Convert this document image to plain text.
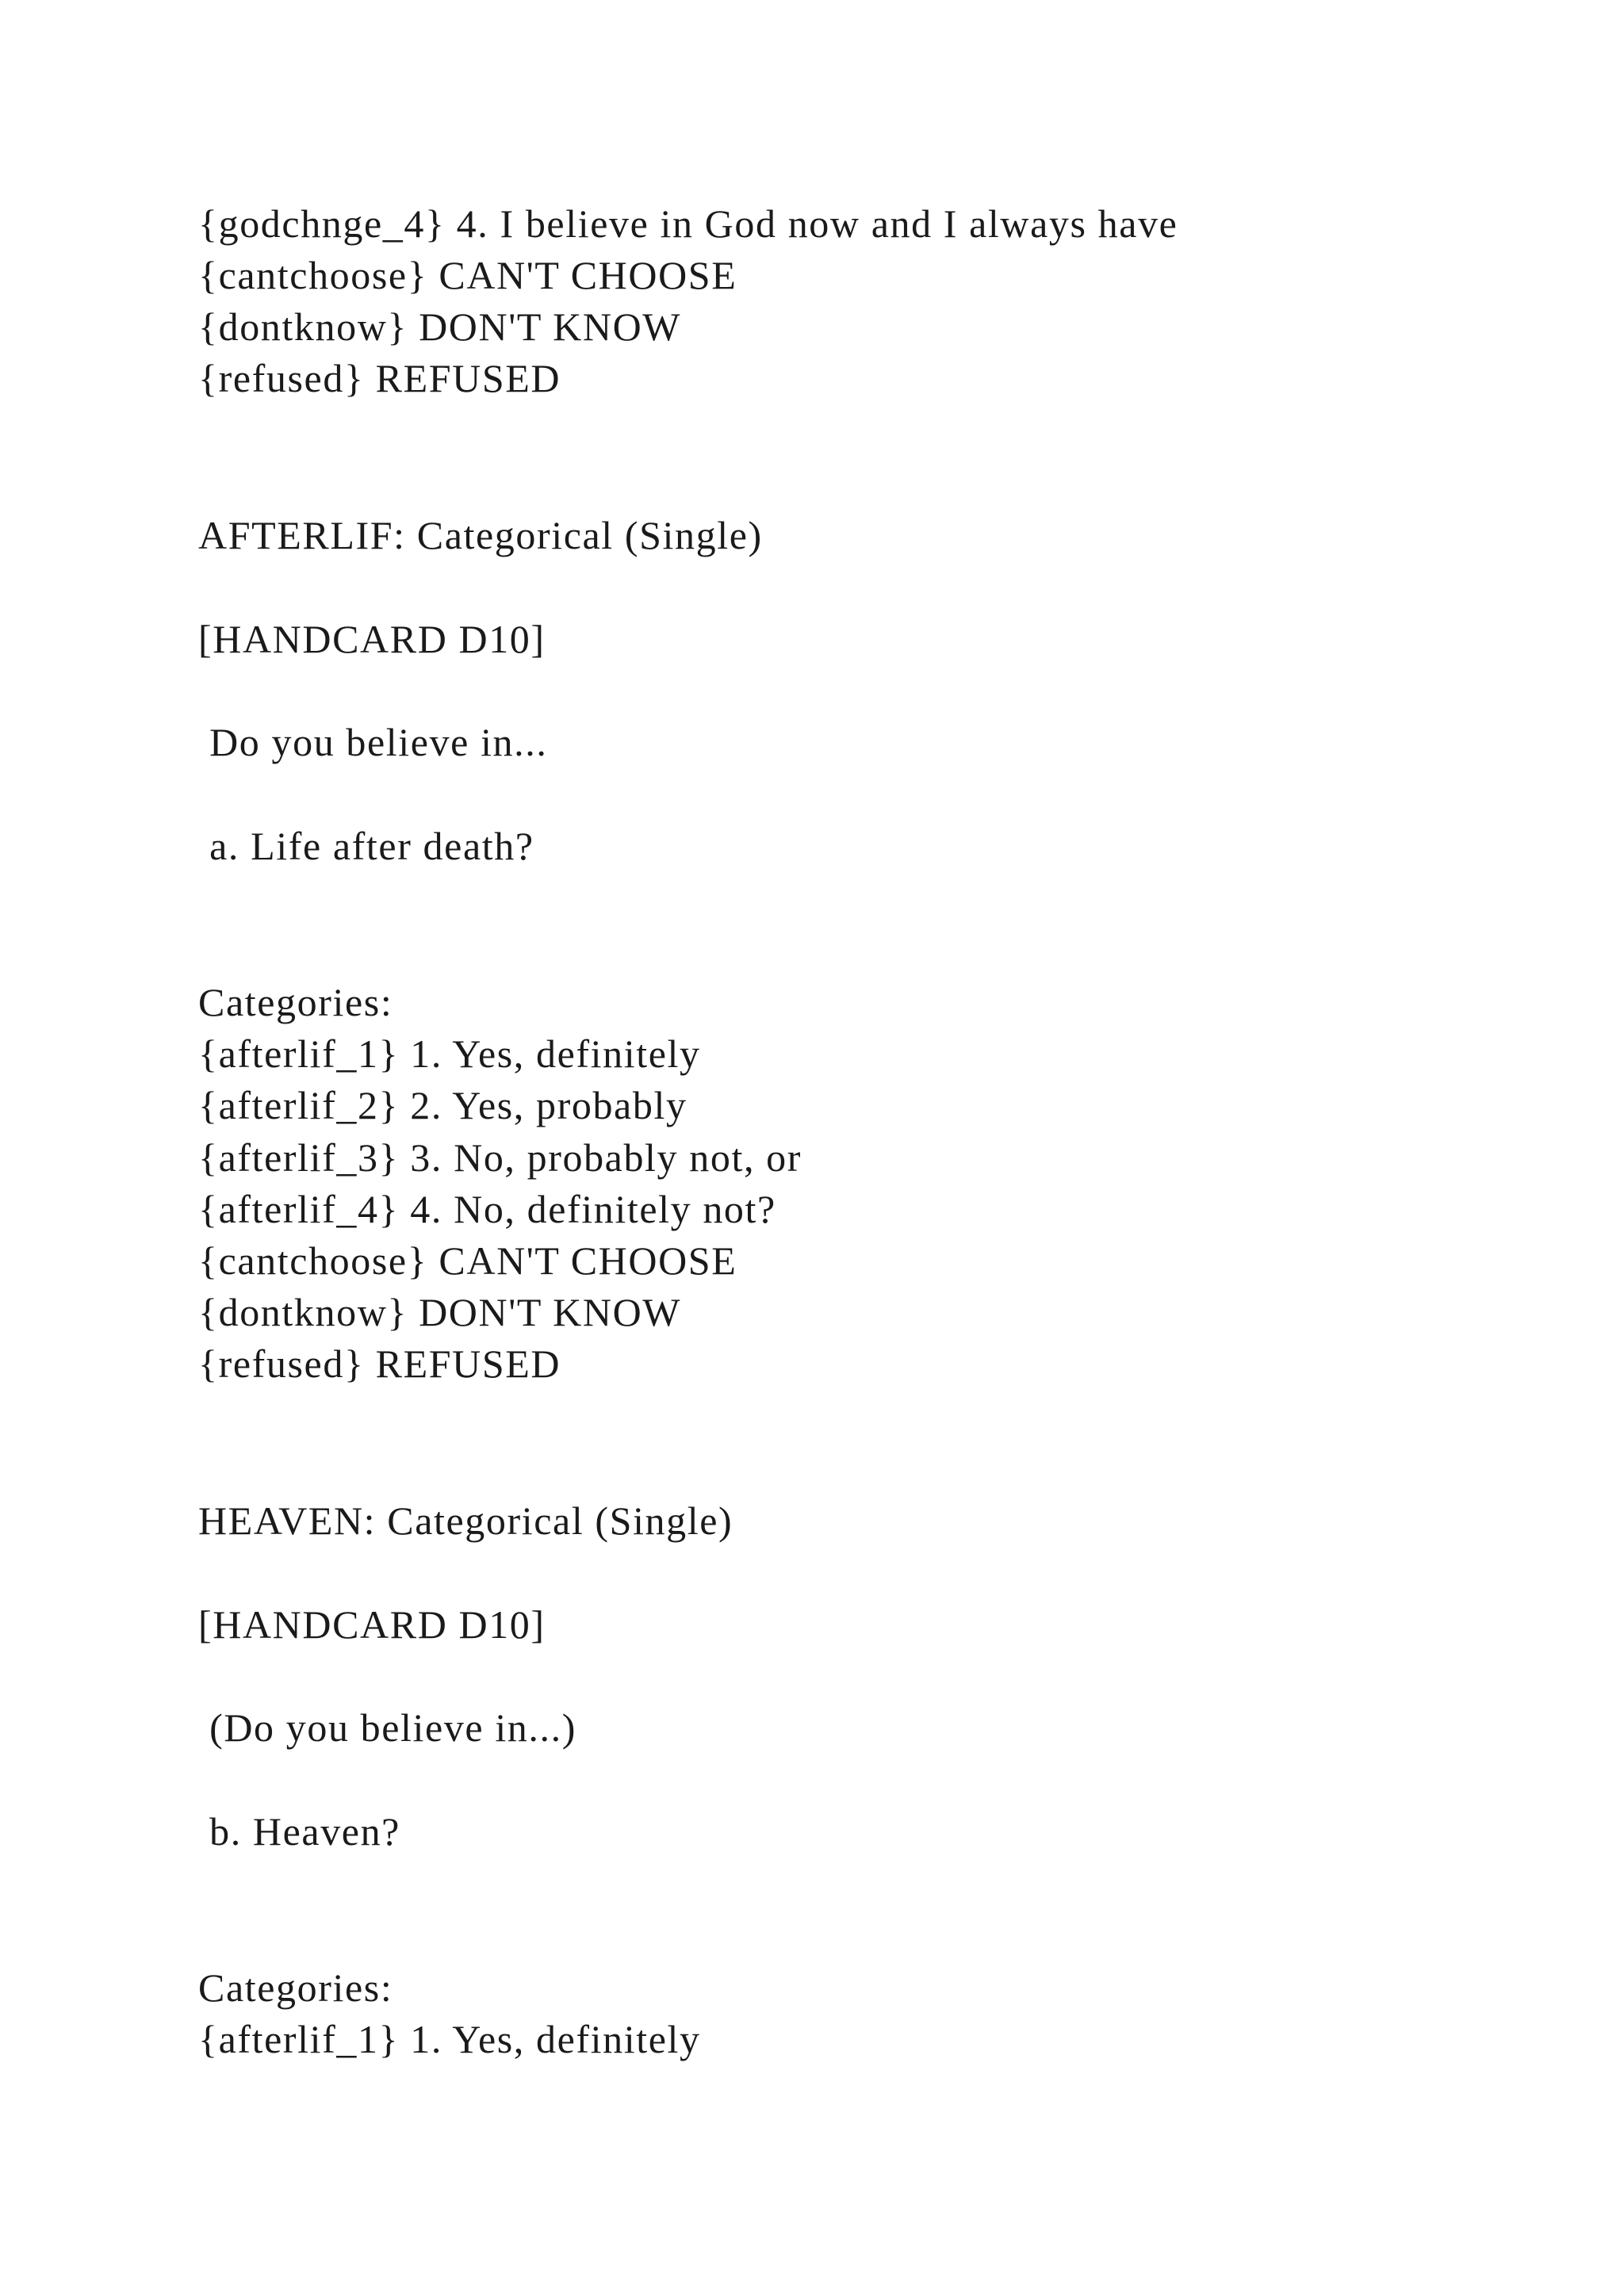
{godchnge_4} 4. I believe in God now and I always have
{cantchoose} CAN'T CHOOSE
{dontknow} DON'T KNOW
{refused} REFUSED
AFTERLIF: Categorical (Single)
[HANDCARD D10]
Do you believe in...
a. Life after death?
Categories:
{afterlif_1} 1. Yes, definitely
{afterlif_2} 2. Yes, probably
{afterlif_3} 3. No, probably not, or
{afterlif_4} 4. No, definitely not?
{cantchoose} CAN'T CHOOSE
{dontknow} DON'T KNOW
{refused} REFUSED
HEAVEN: Categorical (Single)
[HANDCARD D10]
(Do you believe in...)
b. Heaven?
Categories:
{afterlif_1} 1. Yes, definitely
